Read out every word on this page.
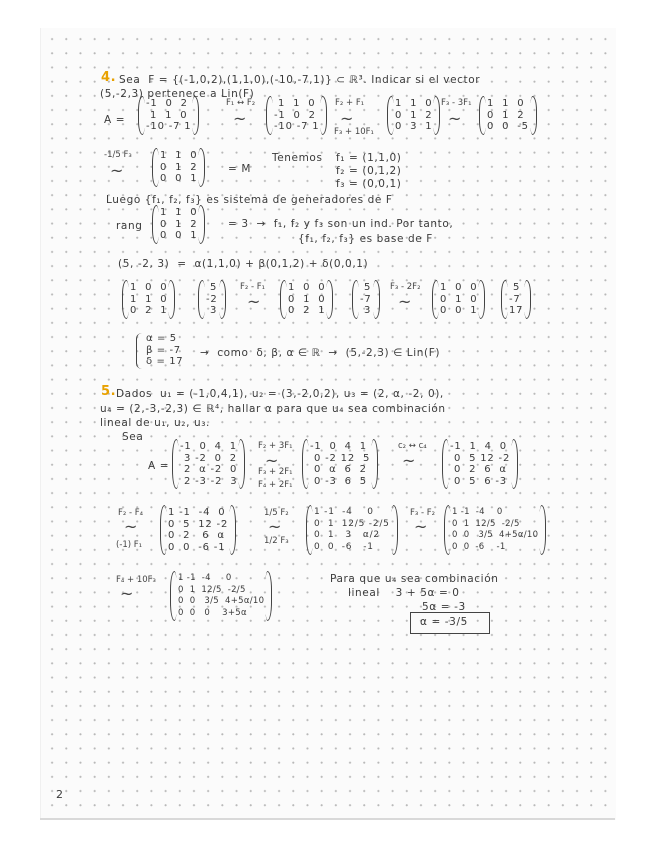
4. Sea  F = {(-1,0,2),(1,1,0),(-10,-7,1)} ⊂ ℝ³. Indicar si el vector
(5,-2,3) pertenece a Lin(F)
A =
-1  0  2
1  1  0
-10 -7 1
F₁ ↔ F₂
~
1  1  0
-1  0  2
-10 -7 1
F₂ + F₁
~
F₃ + 10F₁
1  1  0
0  1  2
0  3  1
F₃ - 3F₁
~
1  1  0
0  1  2
0  0  -5
-1/5 F₃
~
1  1  0
0  1  2
0  0  1
= M
Tenemos f₁ = (1,1,0)
f₂ = (0,1,2)
f₃ = (0,0,1)
Luego {f₁, f₂, f₃} es sistema de generadores de F
rang
1  1  0
0  1  2
0  0  1
= 3  →  f₁, f₂ y f₃ son un ind. Por tanto,
{f₁, f₂, f₃} es base de F
(5, -2, 3)  =  α(1,1,0) + β(0,1,2) + δ(0,0,1)
1  0  0
1  1  0
0  2  1
5
-2
3
F₂ - F₁
~
1  0  0
0  1  0
0  2  1
5
-7
3
F₃ - 2F₂
~
1  0  0
0  1  0
0  0  1
5
-7
17
α = 5
β = -7
δ = 17
→  como  δ, β, α ∈ ℝ  →  (5,-2,3) ∈ Lin(F)
5. Dados  u₁ = (-1,0,4,1), u₂ = (3,-2,0,2), u₃ = (2, α, -2, 0),
u₄ = (2,-3,-2,3) ∈ ℝ⁴, hallar α para que u₄ sea combinación
lineal de u₁, u₂, u₃.
Sea
A =
-1  0  4  1
3 -2  0  2
2  α -2  0
2 -3 -2  3
F₂ + 3F₁
~
F₃ + 2F₁
F₄ + 2F₁
-1  0  4  1
0 -2 12  5
0  α  6  2
0 -3  6  5
c₂ ↔ c₄
~
-1  1  4  0
0  5 12 -2
0  2  6  α
0  5  6 -3
F₂ - F₄
~
(-1) F₁
1 -1  -4  0
0  5  12 -2
0  2   6  α
0  0  -6 -1
1/5 F₂
~
1/2 F₃
1 -1  -4    0
0  1  12/5 -2/5
0  1   3   α/2
0  0  -6   -1
F₃ - F₂
~
1 -1  -4    0
0  1  12/5  -2/5
0  0   3/5  4+5α/10
0  0  -6    -1
F₄ + 10F₃
~
1 -1  -4     0
0  1  12/5  -2/5
0  0   3/5  4+5α/10
0  0   0    3+5α
Para que u₄ sea combinación
lineal    3 + 5α = 0
5α = -3
α = -3/5
2
